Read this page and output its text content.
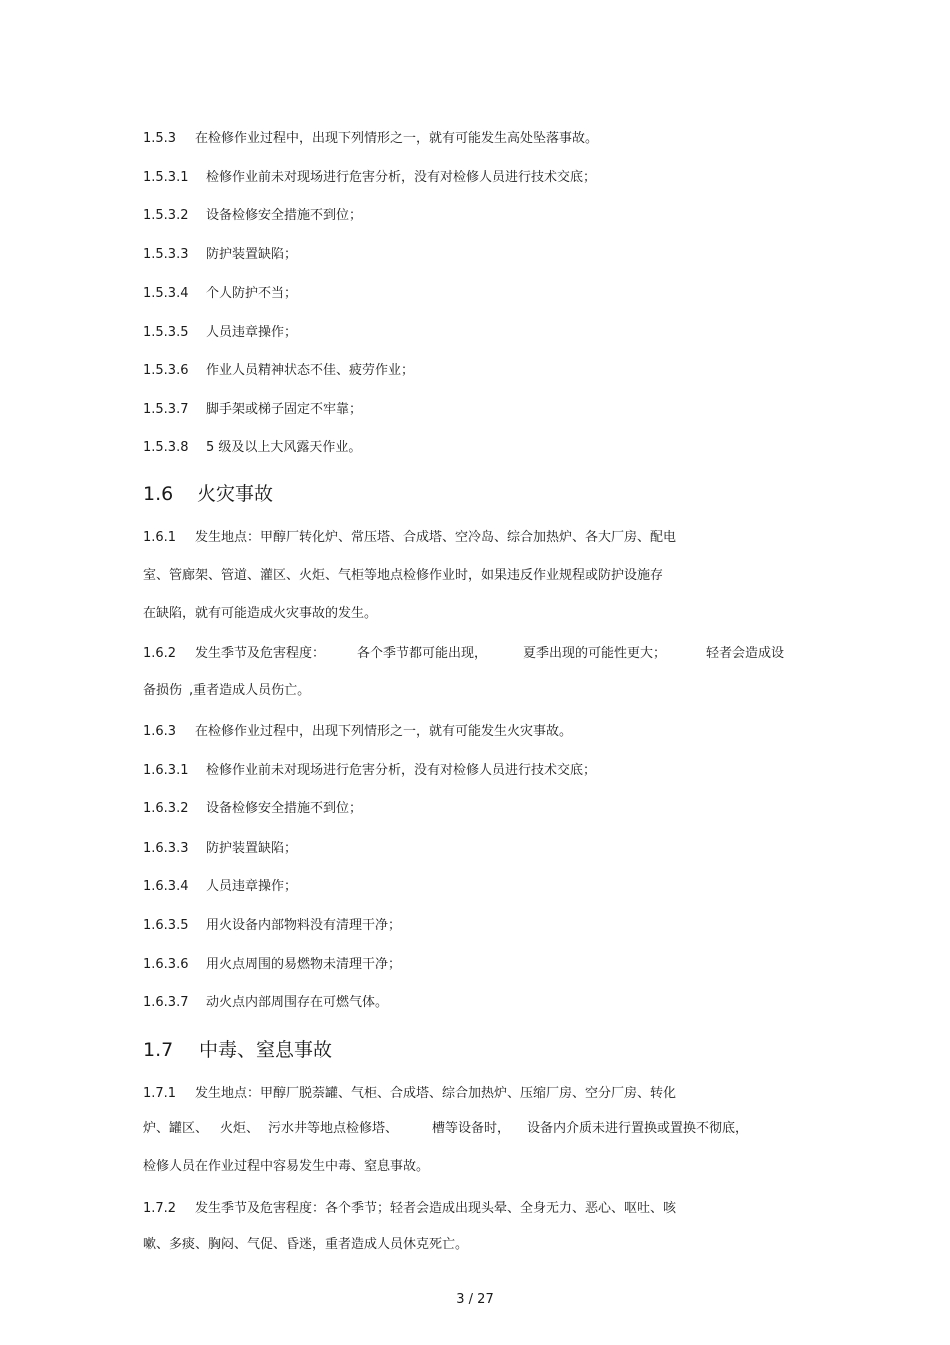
1.5.3 在检修作业过程中，出现下列情形之一，就有可能发生高处坠落事故。
1.5.3.1 检修作业前未对现场进行危害分析，没有对检修人员进行技术交底；
1.5.3.2 设备检修安全措施不到位；
1.5.3.3 防护装置缺陷；
1.5.3.4 个人防护不当；
1.5.3.5 人员违章操作；
1.5.3.6 作业人员精神状态不佳、疲劳作业；
1.5.3.7 脚手架或梯子固定不牢靠；
1.5.3.8 5 级及以上大风露天作业。
1.6 火灾事故
1.6.1 发生地点：甲醇厂转化炉、常压塔、合成塔、空冷岛、综合加热炉、各大厂房、配电
室、管廊架、管道、灌区、火炬、气柜等地点检修作业时，如果违反作业规程或防护设施存
在缺陷，就有可能造成火灾事故的发生。
1.6.2 发生季节及危害程度： 各个季节都可能出现，	夏季出现的可能性更大；	轻者会造成设
备损伤 ,重者造成人员伤亡。
1.6.3 在检修作业过程中，出现下列情形之一，就有可能发生火灾事故。
1.6.3.1 检修作业前未对现场进行危害分析，没有对检修人员进行技术交底；
1.6.3.2 设备检修安全措施不到位；
1.6.3.3 防护装置缺陷；
1.6.3.4 人员违章操作；
1.6.3.5 用火设备内部物料没有清理干净；
1.6.3.6 用火点周围的易燃物未清理干净；
1.6.3.7 动火点内部周围存在可燃气体。
1.7 中毒、窒息事故
1.7.1 发生地点：甲醇厂脱萘罐、气柜、合成塔、综合加热炉、压缩厂房、空分厂房、转化
炉、罐区、 火炬、 污水井等地点检修塔、	槽等设备时， 设备内介质未进行置换或置换不彻底，
检修人员在作业过程中容易发生中毒、窒息事故。
1.7.2 发生季节及危害程度：各个季节；轻者会造成出现头晕、全身无力、恶心、呕吐、咳
嗽、多痰、胸闷、气促、昏迷，重者造成人员休克死亡。
3 / 27
